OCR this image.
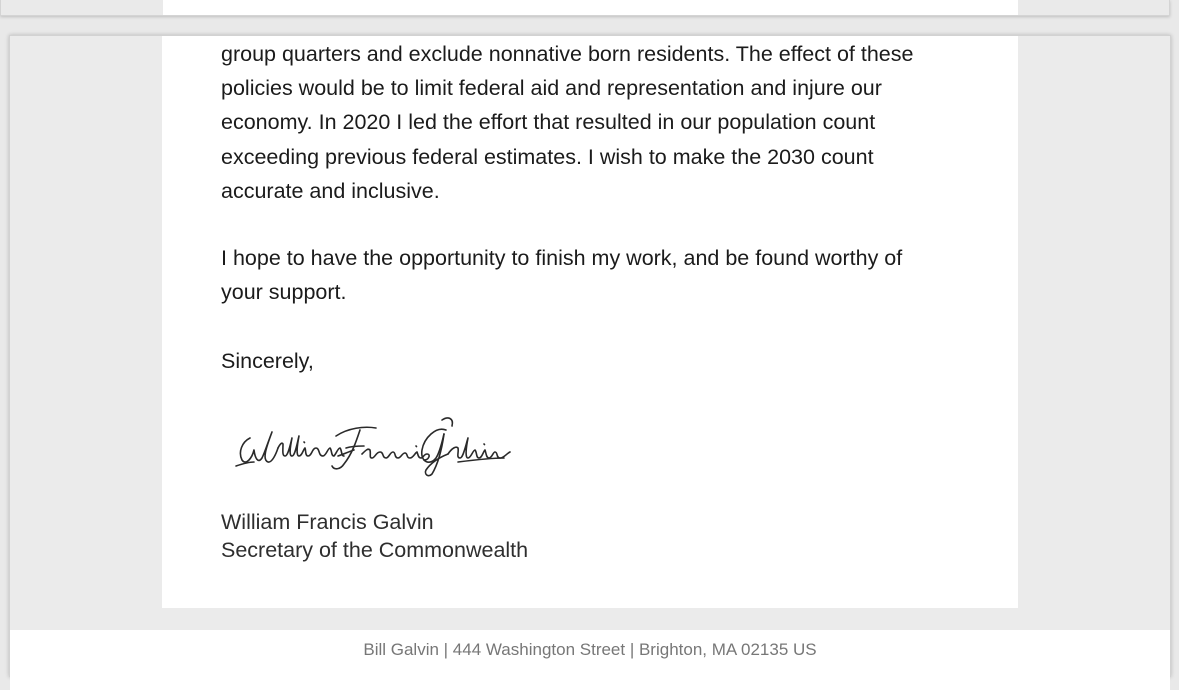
group quarters and exclude nonnative born residents. The effect of these
policies would be to limit federal aid and representation and injure our
economy. In 2020 I led the effort that resulted in our population count
exceeding previous federal estimates. I wish to make the 2030 count
accurate and inclusive.

I hope to have the opportunity to finish my work, and be found worthy of
your support.

Sincerely,

William Francis Galvin
Secretary of the Commonwealth
Bill Galvin | 444 Washington Street | Brighton, MA 02135 US
